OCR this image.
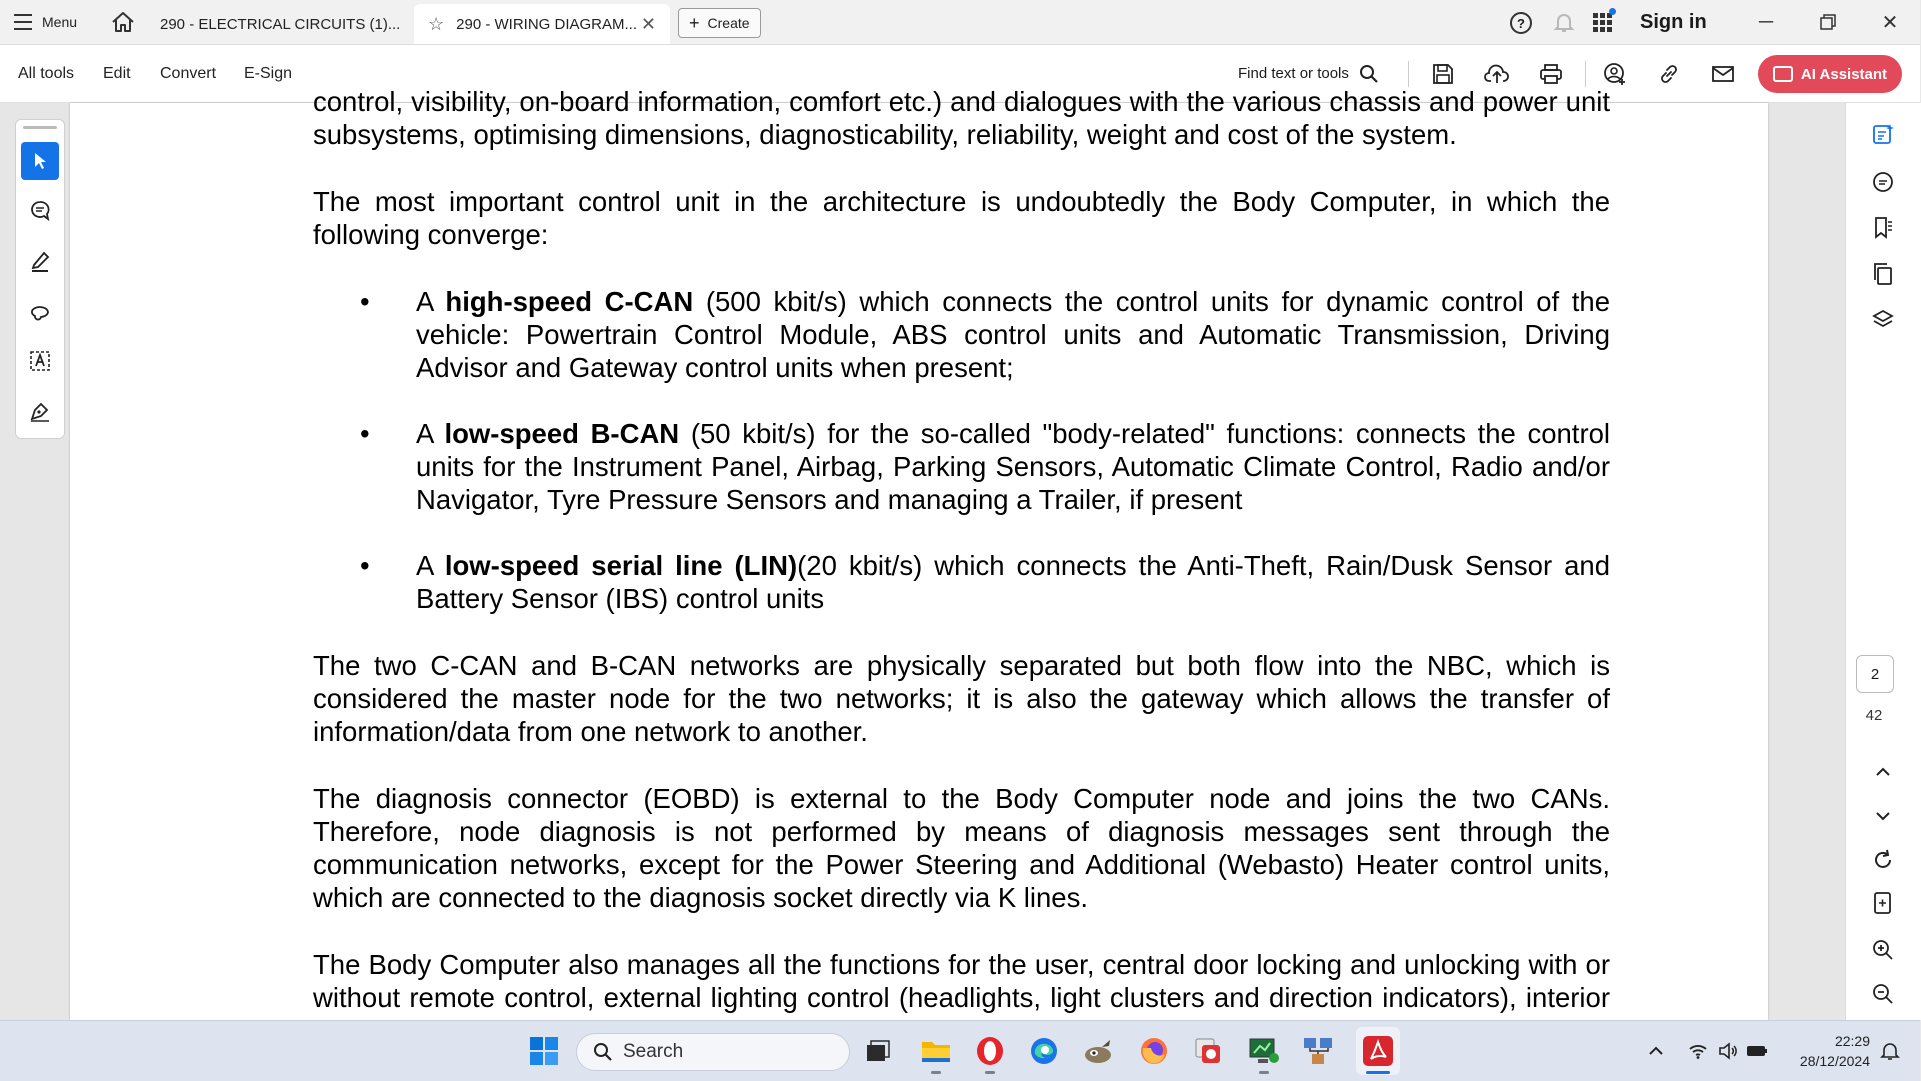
Menu	290 - ELECTRICAL CIRCUITS (1)... ☆ 290 - WIRING DIAGRAM... ✕ + Create	?	Sign in	─	✕
All tools Edit Convert E-Sign	Find text or tools	AI Assistant

control, visibility, on-board information, comfort etc.) and dialogues with the various chassis and power unit subsystems, optimising dimensions, diagnosticability, reliability, weight and cost of the system.

The most important control unit in the architecture is undoubtedly the Body Computer, in which the following converge:

• A high-speed C-CAN (500 kbit/s) which connects the control units for dynamic control of the vehicle: Powertrain Control Module, ABS control units and Automatic Transmission, Driving Advisor and Gateway control units when present;
• A low-speed B-CAN (50 kbit/s) for the so-called "body-related" functions: connects the control units for the Instrument Panel, Airbag, Parking Sensors, Automatic Climate Control, Radio and/or Navigator, Tyre Pressure Sensors and managing a Trailer, if present
• A low-speed serial line (LIN)(20 kbit/s) which connects the Anti-Theft, Rain/Dusk Sensor and Battery Sensor (IBS) control units

The two C-CAN and B-CAN networks are physically separated but both flow into the NBC, which is considered the master node for the two networks; it is also the gateway which allows the transfer of information/data from one network to another.

The diagnosis connector (EOBD) is external to the Body Computer node and joins the two CANs. Therefore, node diagnosis is not performed by means of diagnosis messages sent through the communication networks, except for the Power Steering and Additional (Webasto) Heater control units, which are connected to the diagnosis socket directly via K lines.

The Body Computer also manages all the functions for the user, central door locking and unlocking with or without remote control, external lighting control (headlights, light clusters and direction indicators), interior

2
42
Search	22:29
28/12/2024
